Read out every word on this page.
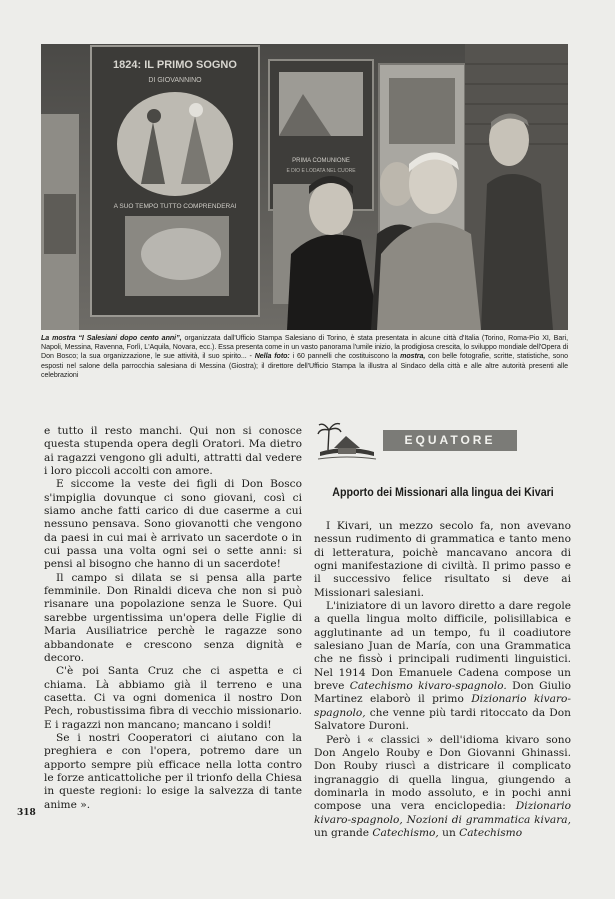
1824: IL PRIMO SOGNO
DI GIOVANNINO
A SUO TEMPO TUTTO COMPRENDERAI
PRIMA COMUNIONE
E DIO E LODATA NEL CUORE
La mostra “I Salesiani dopo cento anni”, organizzata dall'Ufficio Stampa Salesiano di Torino, è stata presentata in alcune città d'Italia (Torino, Roma-Pio XI, Bari, Napoli, Messina, Ravenna, Forlì, L'Aquila, Novara, ecc.). Essa presenta come in un vasto panorama l'umile inizio, la prodigiosa crescita, lo sviluppo mondiale dell'Opera di Don Bosco; la sua organizzazione, le sue attività, il suo spirito... - Nella foto: i 60 pannelli che costituiscono la mostra, con belle fotografie, scritte, statistiche, sono esposti nel salone della parrocchia salesiana di Messina (Giostra); il direttore dell'Ufficio Stampa la illustra al Sindaco della città e alle altre autorità presenti alle celebrazioni

e tutto il resto manchi. Qui non si conosce questa stupenda opera degli Oratori. Ma dietro ai ragazzi vengono gli adulti, attratti dal vedere i loro piccoli accolti con amore.

E siccome la veste dei figli di Don Bosco s'impiglia dovunque ci sono giovani, così ci siamo anche fatti carico di due caserme a cui nessuno pensava. Sono giovanotti che vengono da paesi in cui mai è arrivato un sacerdote o in cui passa una volta ogni sei o sette anni: si pensi al bisogno che hanno di un sacerdote!

Il campo si dilata se si pensa alla parte femminile. Don Rinaldi diceva che non si può risanare una popolazione senza le Suore. Qui sarebbe urgentissima un'opera delle Figlie di Maria Ausiliatrice perchè le ragazze sono abbandonate e crescono senza dignità e decoro.

C'è poi Santa Cruz che ci aspetta e ci chiama. Là abbiamo già il terreno e una casetta. Ci va ogni domenica il nostro Don Pech, robustissima fibra di vecchio missionario. E i ragazzi non mancano; mancano i soldi!

Se i nostri Cooperatori ci aiutano con la preghiera e con l'opera, potremo dare un apporto sempre più efficace nella lotta contro le forze anticattoliche per il trionfo della Chiesa in queste regioni: lo esige la salvezza di tante anime ».

318
EQUATORE
Apporto dei Missionari alla lingua dei Kivari

I Kivari, un mezzo secolo fa, non avevano nessun rudimento di grammatica e tanto meno di letteratura, poichè mancavano ancora di ogni manifestazione di civiltà. Il primo passo e il successivo felice risultato si deve ai Missionari salesiani.

L'iniziatore di un lavoro diretto a dare regole a quella lingua molto difficile, polisillabica e agglutinante ad un tempo, fu il coadiutore salesiano Juan de María, con una Grammatica che ne fissò i principali rudimenti linguistici. Nel 1914 Don Emanuele Cadena compose un breve Catechismo kivaro-spagnolo. Don Giulio Martinez elaborò il primo Dizionario kivaro-spagnolo, che venne più tardi ritoccato da Don Salvatore Duroni.

Però i « classici » dell'idioma kivaro sono Don Angelo Rouby e Don Giovanni Ghinassi. Don Rouby riuscì a districare il complicato ingranaggio di quella lingua, giungendo a dominarla in modo assoluto, e in pochi anni compose una vera enciclopedia: Dizionario kivaro-spagnolo, Nozioni di grammatica kivara, un grande Catechismo, un Catechismo
